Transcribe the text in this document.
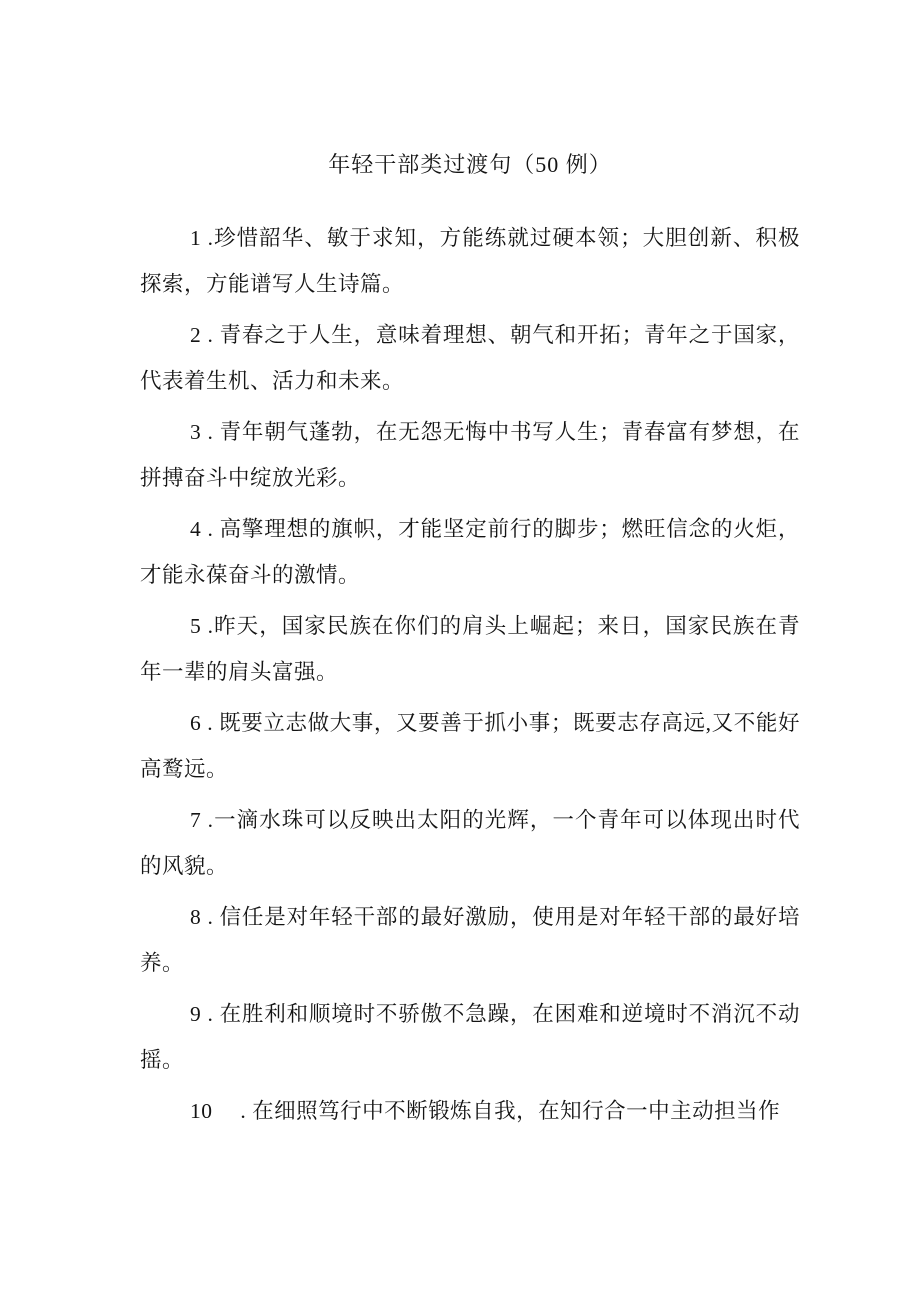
年轻干部类过渡句（50 例）

1 .珍惜韶华、敏于求知，方能练就过硬本领；大胆创新、积极探索，方能谱写人生诗篇。

2 . 青春之于人生，意味着理想、朝气和开拓；青年之于国家，代表着生机、活力和未来。

3 . 青年朝气蓬勃，在无怨无悔中书写人生；青春富有梦想，在拼搏奋斗中绽放光彩。

4 . 高擎理想的旗帜，才能坚定前行的脚步；燃旺信念的火炬，才能永葆奋斗的激情。

5 .昨天，国家民族在你们的肩头上崛起；来日，国家民族在青年一辈的肩头富强。

6 . 既要立志做大事，又要善于抓小事；既要志存高远,又不能好高鹜远。

7 .一滴水珠可以反映出太阳的光辉，一个青年可以体现出时代的风貌。

8 . 信任是对年轻干部的最好激励，使用是对年轻干部的最好培养。

9 . 在胜利和顺境时不骄傲不急躁，在困难和逆境时不消沉不动摇。

10　 . 在细照笃行中不断锻炼自我，在知行合一中主动担当作
